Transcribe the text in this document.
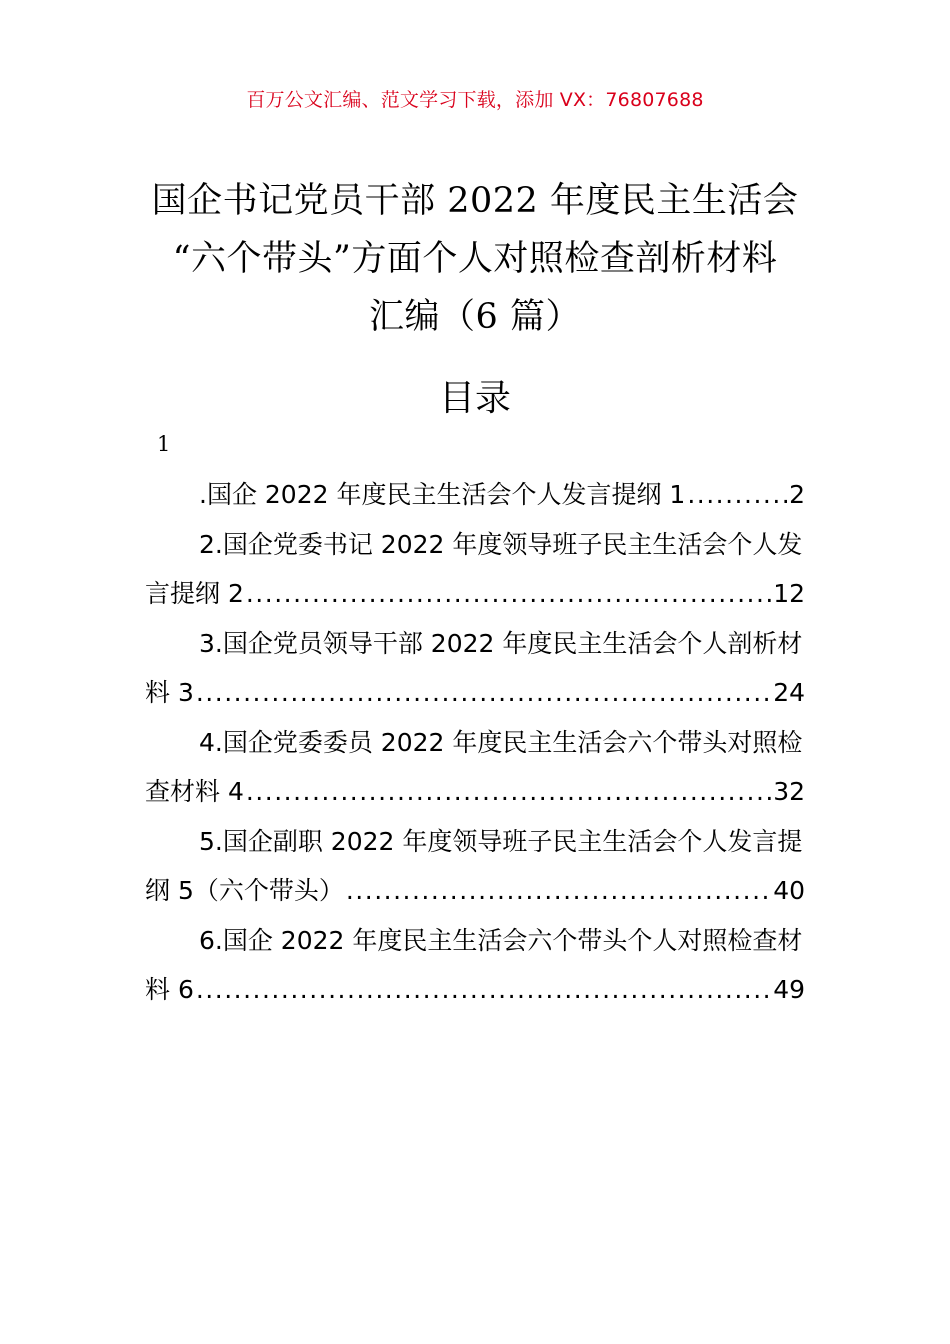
百万公文汇编、范文学习下载，添加 VX：76807688
国企书记党员干部 2022 年度民主生活会
“六个带头”方面个人对照检查剖析材料
汇编（6 篇）
目录
1
.国企 2022 年度民主生活会个人发言提纲 1 .....	2
2.国企党委书记 2022 年度领导班子民主生活会个人发
言提纲 2 .....	12
3.国企党员领导干部 2022 年度民主生活会个人剖析材
料 3 .....	24
4.国企党委委员 2022 年度民主生活会六个带头对照检
查材料 4 .....	32
5.国企副职 2022 年度领导班子民主生活会个人发言提
纲 5（六个带头） .....	40
6.国企 2022 年度民主生活会六个带头个人对照检查材
料 6 .....	49
